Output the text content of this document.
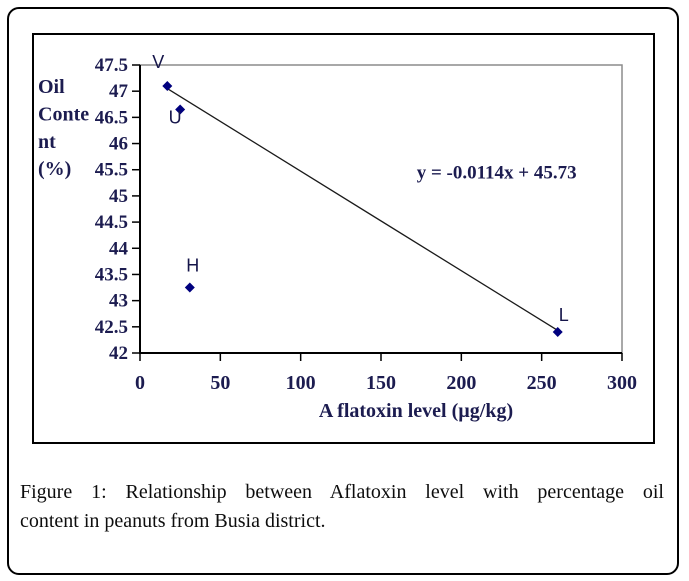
47.5
47
46.5
46
45.5
45
44.5
44
43.5
43
42.5
42
0	50	100	150	200	250	300
Oil
Conte
nt
(%)
A flatoxin level (µg/kg)
y = -0.0114x + 45.73
V
U
H
L
Figure 1: Relationship between Aflatoxin level with percentage oil
content in peanuts from Busia district.
